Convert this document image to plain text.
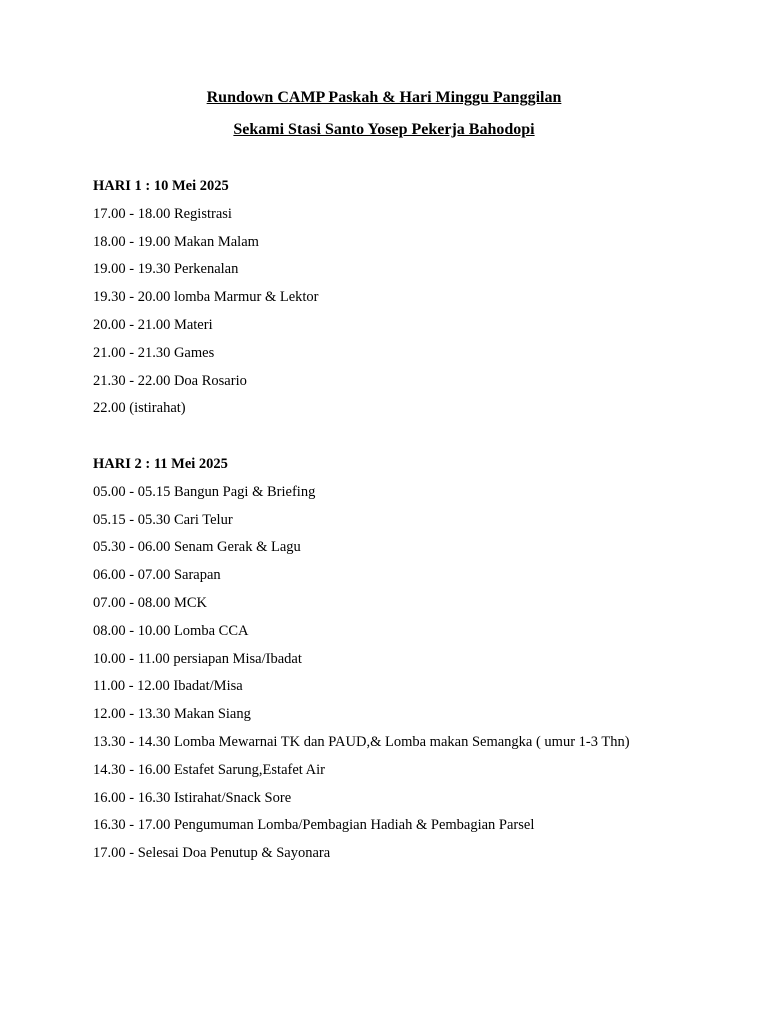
Rundown CAMP Paskah & Hari Minggu Panggilan
Sekami Stasi Santo Yosep Pekerja Bahodopi
HARI 1 : 10 Mei 2025
17.00 - 18.00 Registrasi
18.00 - 19.00 Makan Malam
19.00 - 19.30 Perkenalan
19.30 - 20.00 lomba Marmur & Lektor
20.00 - 21.00 Materi
21.00 - 21.30 Games
21.30 - 22.00 Doa Rosario
22.00 (istirahat)
HARI 2 : 11 Mei 2025
05.00 - 05.15 Bangun Pagi & Briefing
05.15 - 05.30 Cari Telur
05.30 - 06.00 Senam Gerak & Lagu
06.00 - 07.00 Sarapan
07.00 - 08.00 MCK
08.00 - 10.00 Lomba CCA
10.00 - 11.00 persiapan Misa/Ibadat
11.00 - 12.00 Ibadat/Misa
12.00 - 13.30 Makan Siang
13.30 - 14.30 Lomba Mewarnai TK dan PAUD,& Lomba makan Semangka ( umur 1-3 Thn)
14.30 - 16.00 Estafet Sarung,Estafet Air
16.00 - 16.30 Istirahat/Snack Sore
16.30 - 17.00 Pengumuman Lomba/Pembagian Hadiah & Pembagian Parsel
17.00 - Selesai Doa Penutup & Sayonara
